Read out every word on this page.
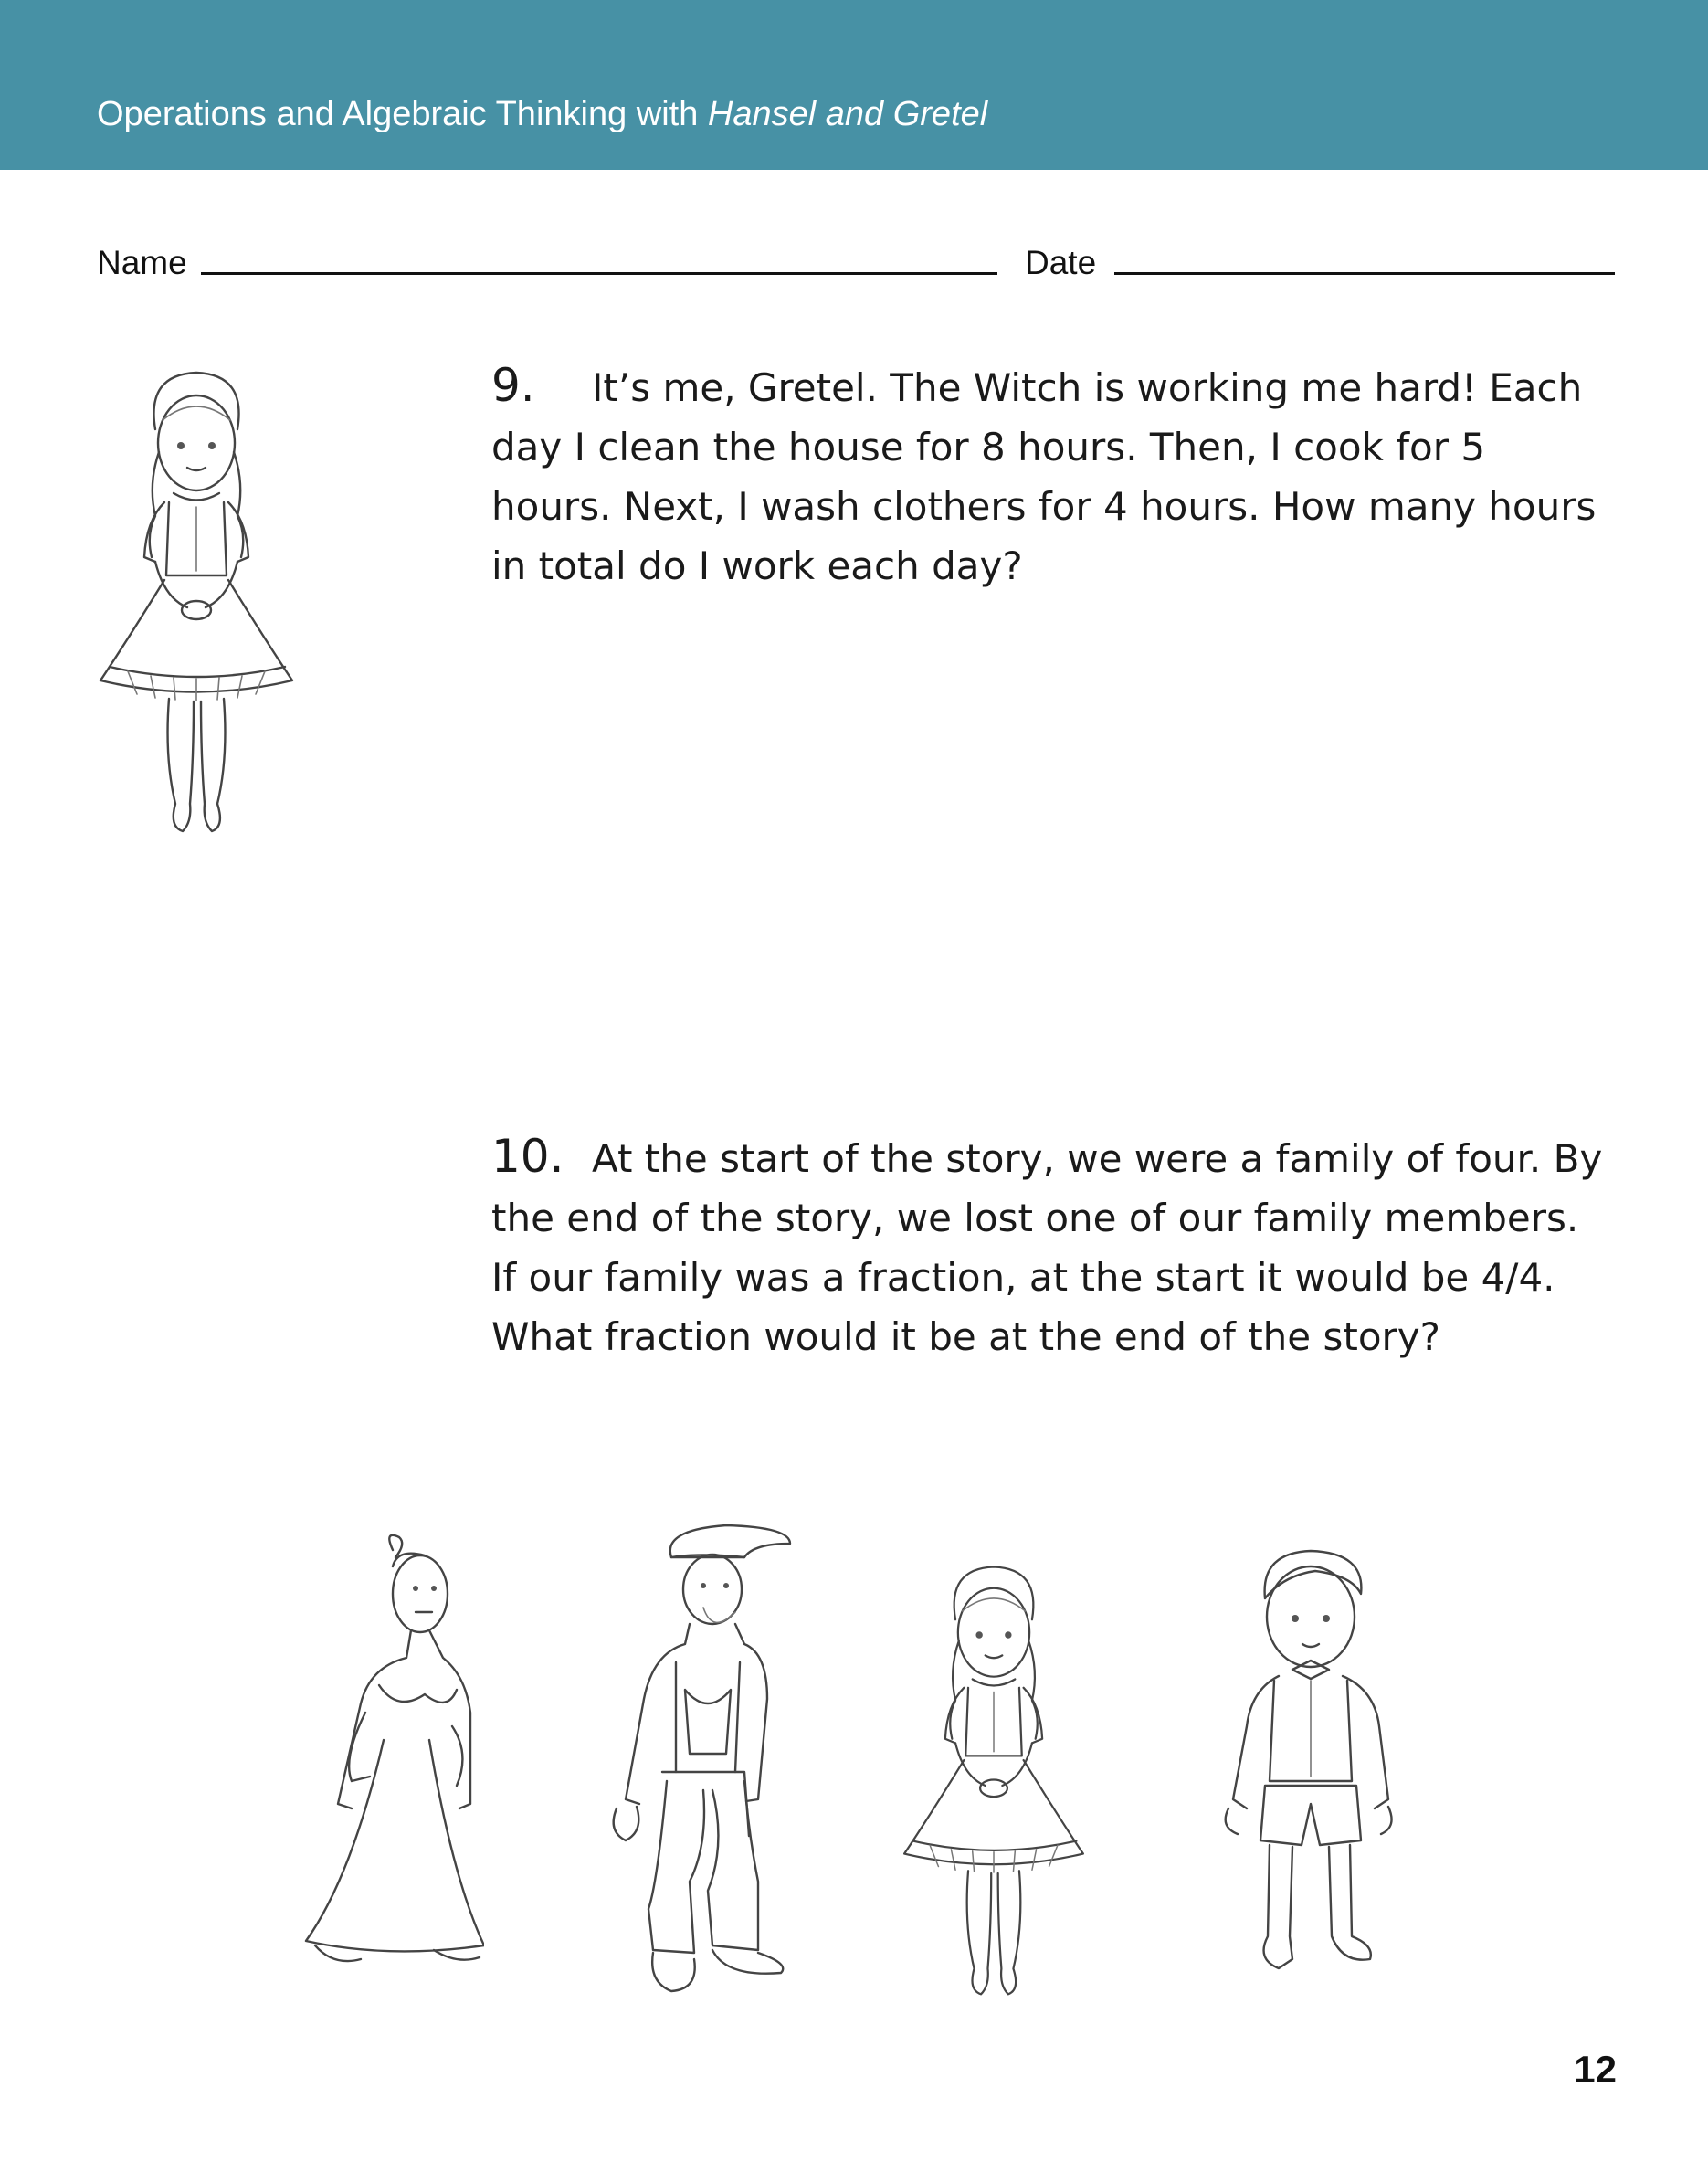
Operations and Algebraic Thinking with Hansel and Gretel
Name	Date
9. It’s me, Gretel. The Witch is working me hard! Each day I clean the house for 8 hours. Then, I cook for 5 hours. Next, I wash clothers for 4 hours. How many hours in total do I work each day?
10. At the start of the story, we were a family of four. By the end of the story, we lost one of our family members. If our family was a fraction, at the start it would be 4/4. What fraction would it be at the end of the story?
12
